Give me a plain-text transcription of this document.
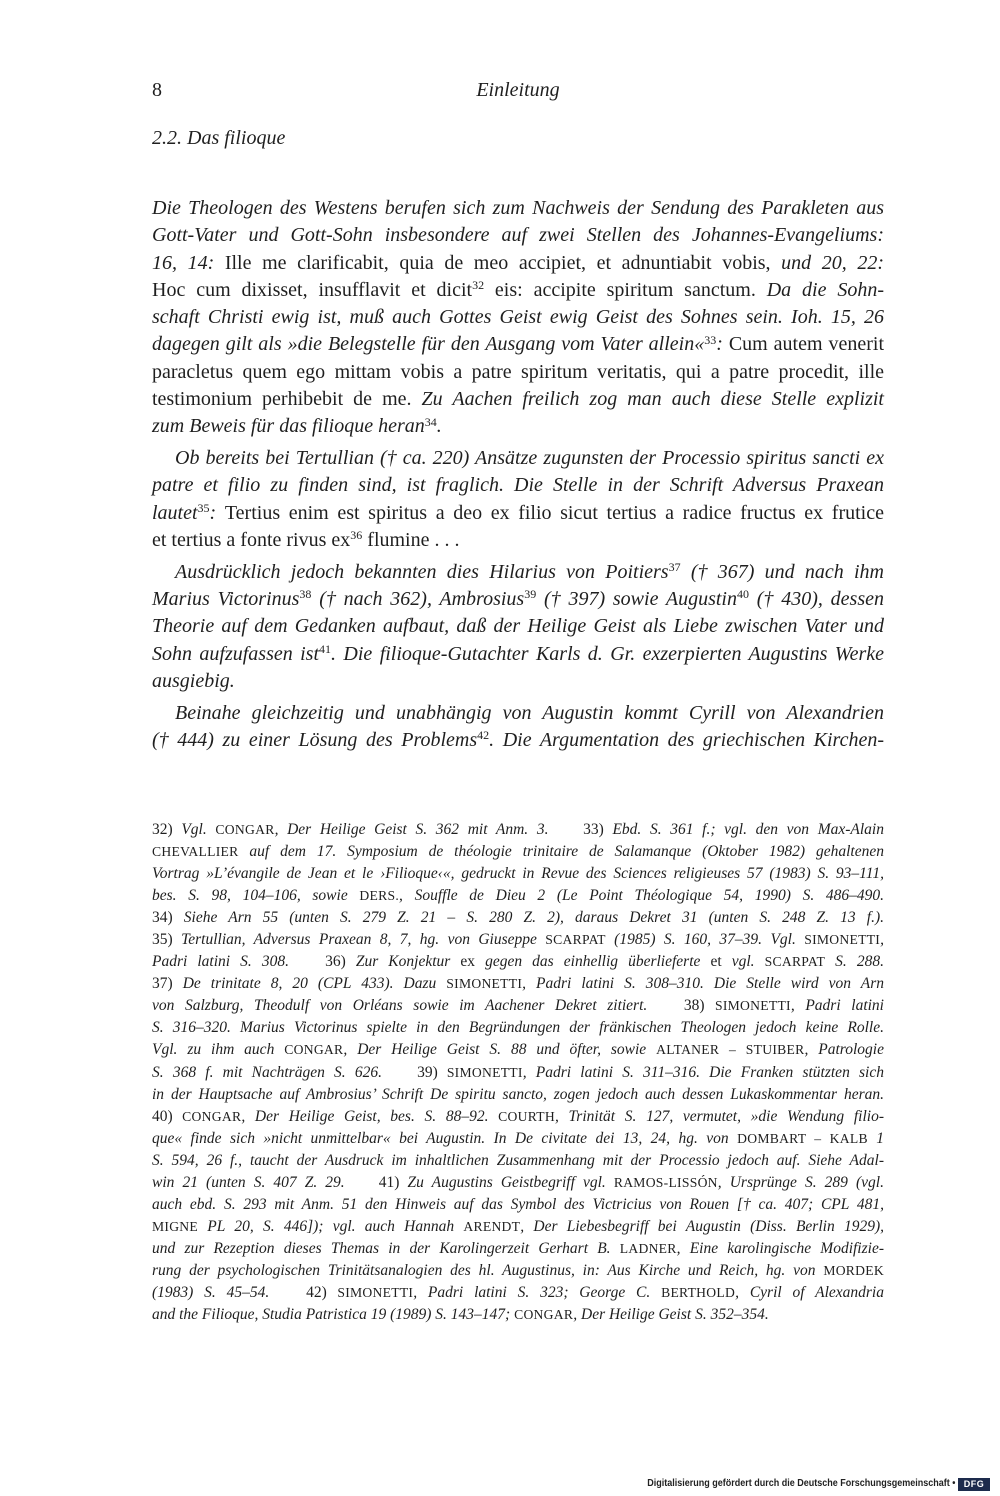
8	Einleitung
2.2. Das filioque
Die Theologen des Westens berufen sich zum Nachweis der Sendung des Parakleten aus
Gott-Vater und Gott-Sohn insbesondere auf zwei Stellen des Johannes-Evangeliums:
16, 14: Ille me clarificabit, quia de meo accipiet, et adnuntiabit vobis, und 20, 22:
Hoc cum dixisset, insufflavit et dicit$^{32}$ eis: accipite spiritum sanctum. Da die Sohn-
schaft Christi ewig ist, muß auch Gottes Geist ewig Geist des Sohnes sein. Ioh. 15, 26
dagegen gilt als »die Belegstelle für den Ausgang vom Vater allein«$^{33}$: Cum autem venerit
paracletus quem ego mittam vobis a patre spiritum veritatis, qui a patre procedit, ille
testimonium perhibebit de me. Zu Aachen freilich zog man auch diese Stelle explizit
zum Beweis für das filioque heran$^{34}$.
Ob bereits bei Tertullian († ca. 220) Ansätze zugunsten der Processio spiritus sancti ex
patre et filio zu finden sind, ist fraglich. Die Stelle in der Schrift Adversus Praxean
lautet$^{35}$: Tertius enim est spiritus a deo ex filio sicut tertius a radice fructus ex frutice
et tertius a fonte rivus $ex^{36}$ flumine . . .
Ausdrücklich jedoch bekannten dies Hilarius von Poitiers$^{37}$ († 367) und nach ihm
Marius Victorinus$^{38}$ († nach 362), Ambrosius$^{39}$ († 397) sowie Augustin$^{40}$ († 430), dessen
Theorie auf dem Gedanken aufbaut, daß der Heilige Geist als Liebe zwischen Vater und
Sohn aufzufassen ist$^{41}$. Die filioque-Gutachter Karls d. Gr. exzerpierten Augustins Werke
ausgiebig.
Beinahe gleichzeitig und unabhängig von Augustin kommt Cyrill von Alexandrien
(† 444) zu einer Lösung des Problems$^{42}$. Die Argumentation des griechischen Kirchen-
32) Vgl. CONGAR, Der Heilige Geist S. 362 mit Anm. 3. 33) Ebd. S. 361 f.; vgl. den von Max-Alain
CHEVALLIER auf dem 17. Symposium de théologie trinitaire de Salamanque (Oktober 1982) gehaltenen
Vortrag »L’évangile de Jean et le ›Filioque‹«, gedruckt in Revue des Sciences religieuses 57 (1983) S. 93–111,
bes. S. 98, 104–106, sowie DERS., Souffle de Dieu 2 (Le Point Théologique 54, 1990) S. 486–490.
34) Siehe Arn 55 (unten S. 279 Z. 21 – S. 280 Z. 2), daraus Dekret 31 (unten S. 248 Z. 13 f.).
35) Tertullian, Adversus Praxean 8, 7, hg. von Giuseppe SCARPAT (1985) S. 160, 37–39. Vgl. SIMONETTI,
Padri latini S. 308. 36) Zur Konjektur ex gegen das einhellig überlieferte et vgl. SCARPAT S. 288.
37) De trinitate 8, 20 (CPL 433). Dazu SIMONETTI, Padri latini S. 308–310. Die Stelle wird von Arn
von Salzburg, Theodulf von Orléans sowie im Aachener Dekret zitiert. 38) SIMONETTI, Padri latini
S. 316–320. Marius Victorinus spielte in den Begründungen der fränkischen Theologen jedoch keine Rolle.
Vgl. zu ihm auch CONGAR, Der Heilige Geist S. 88 und öfter, sowie ALTANER – STUIBER, Patrologie
S. 368 f. mit Nachträgen S. 626. 39) SIMONETTI, Padri latini S. 311–316. Die Franken stützten sich
in der Hauptsache auf Ambrosius’ Schrift De spiritu sancto, zogen jedoch auch dessen Lukaskommentar heran.
40) CONGAR, Der Heilige Geist, bes. S. 88–92. COURTH, Trinität S. 127, vermutet, »die Wendung filio-
que« finde sich »nicht unmittelbar« bei Augustin. In De civitate dei 13, 24, hg. von DOMBART – KALB 1
S. 594, 26 f., taucht der Ausdruck im inhaltlichen Zusammenhang mit der Processio jedoch auf. Siehe Adal-
win 21 (unten S. 407 Z. 29. 41) Zu Augustins Geistbegriff vgl. RAMOS-LISSÓN, Ursprünge S. 289 (vgl.
auch ebd. S. 293 mit Anm. 51 den Hinweis auf das Symbol des Victricius von Rouen [† ca. 407; CPL 481,
MIGNE PL 20, S. 446]); vgl. auch Hannah ARENDT, Der Liebesbegriff bei Augustin (Diss. Berlin 1929),
und zur Rezeption dieses Themas in der Karolingerzeit Gerhart B. LADNER, Eine karolingische Modifizie-
rung der psychologischen Trinitätsanalogien des hl. Augustinus, in: Aus Kirche und Reich, hg. von MORDEK
(1983) S. 45–54. 42) SIMONETTI, Padri latini S. 323; George C. BERTHOLD, Cyril of Alexandria
and the Filioque, Studia Patristica 19 (1989) S. 143–147; CONGAR, Der Heilige Geist S. 352–354.
Digitalisierung gefördert durch die Deutsche Forschungsgemeinschaft • DFG
